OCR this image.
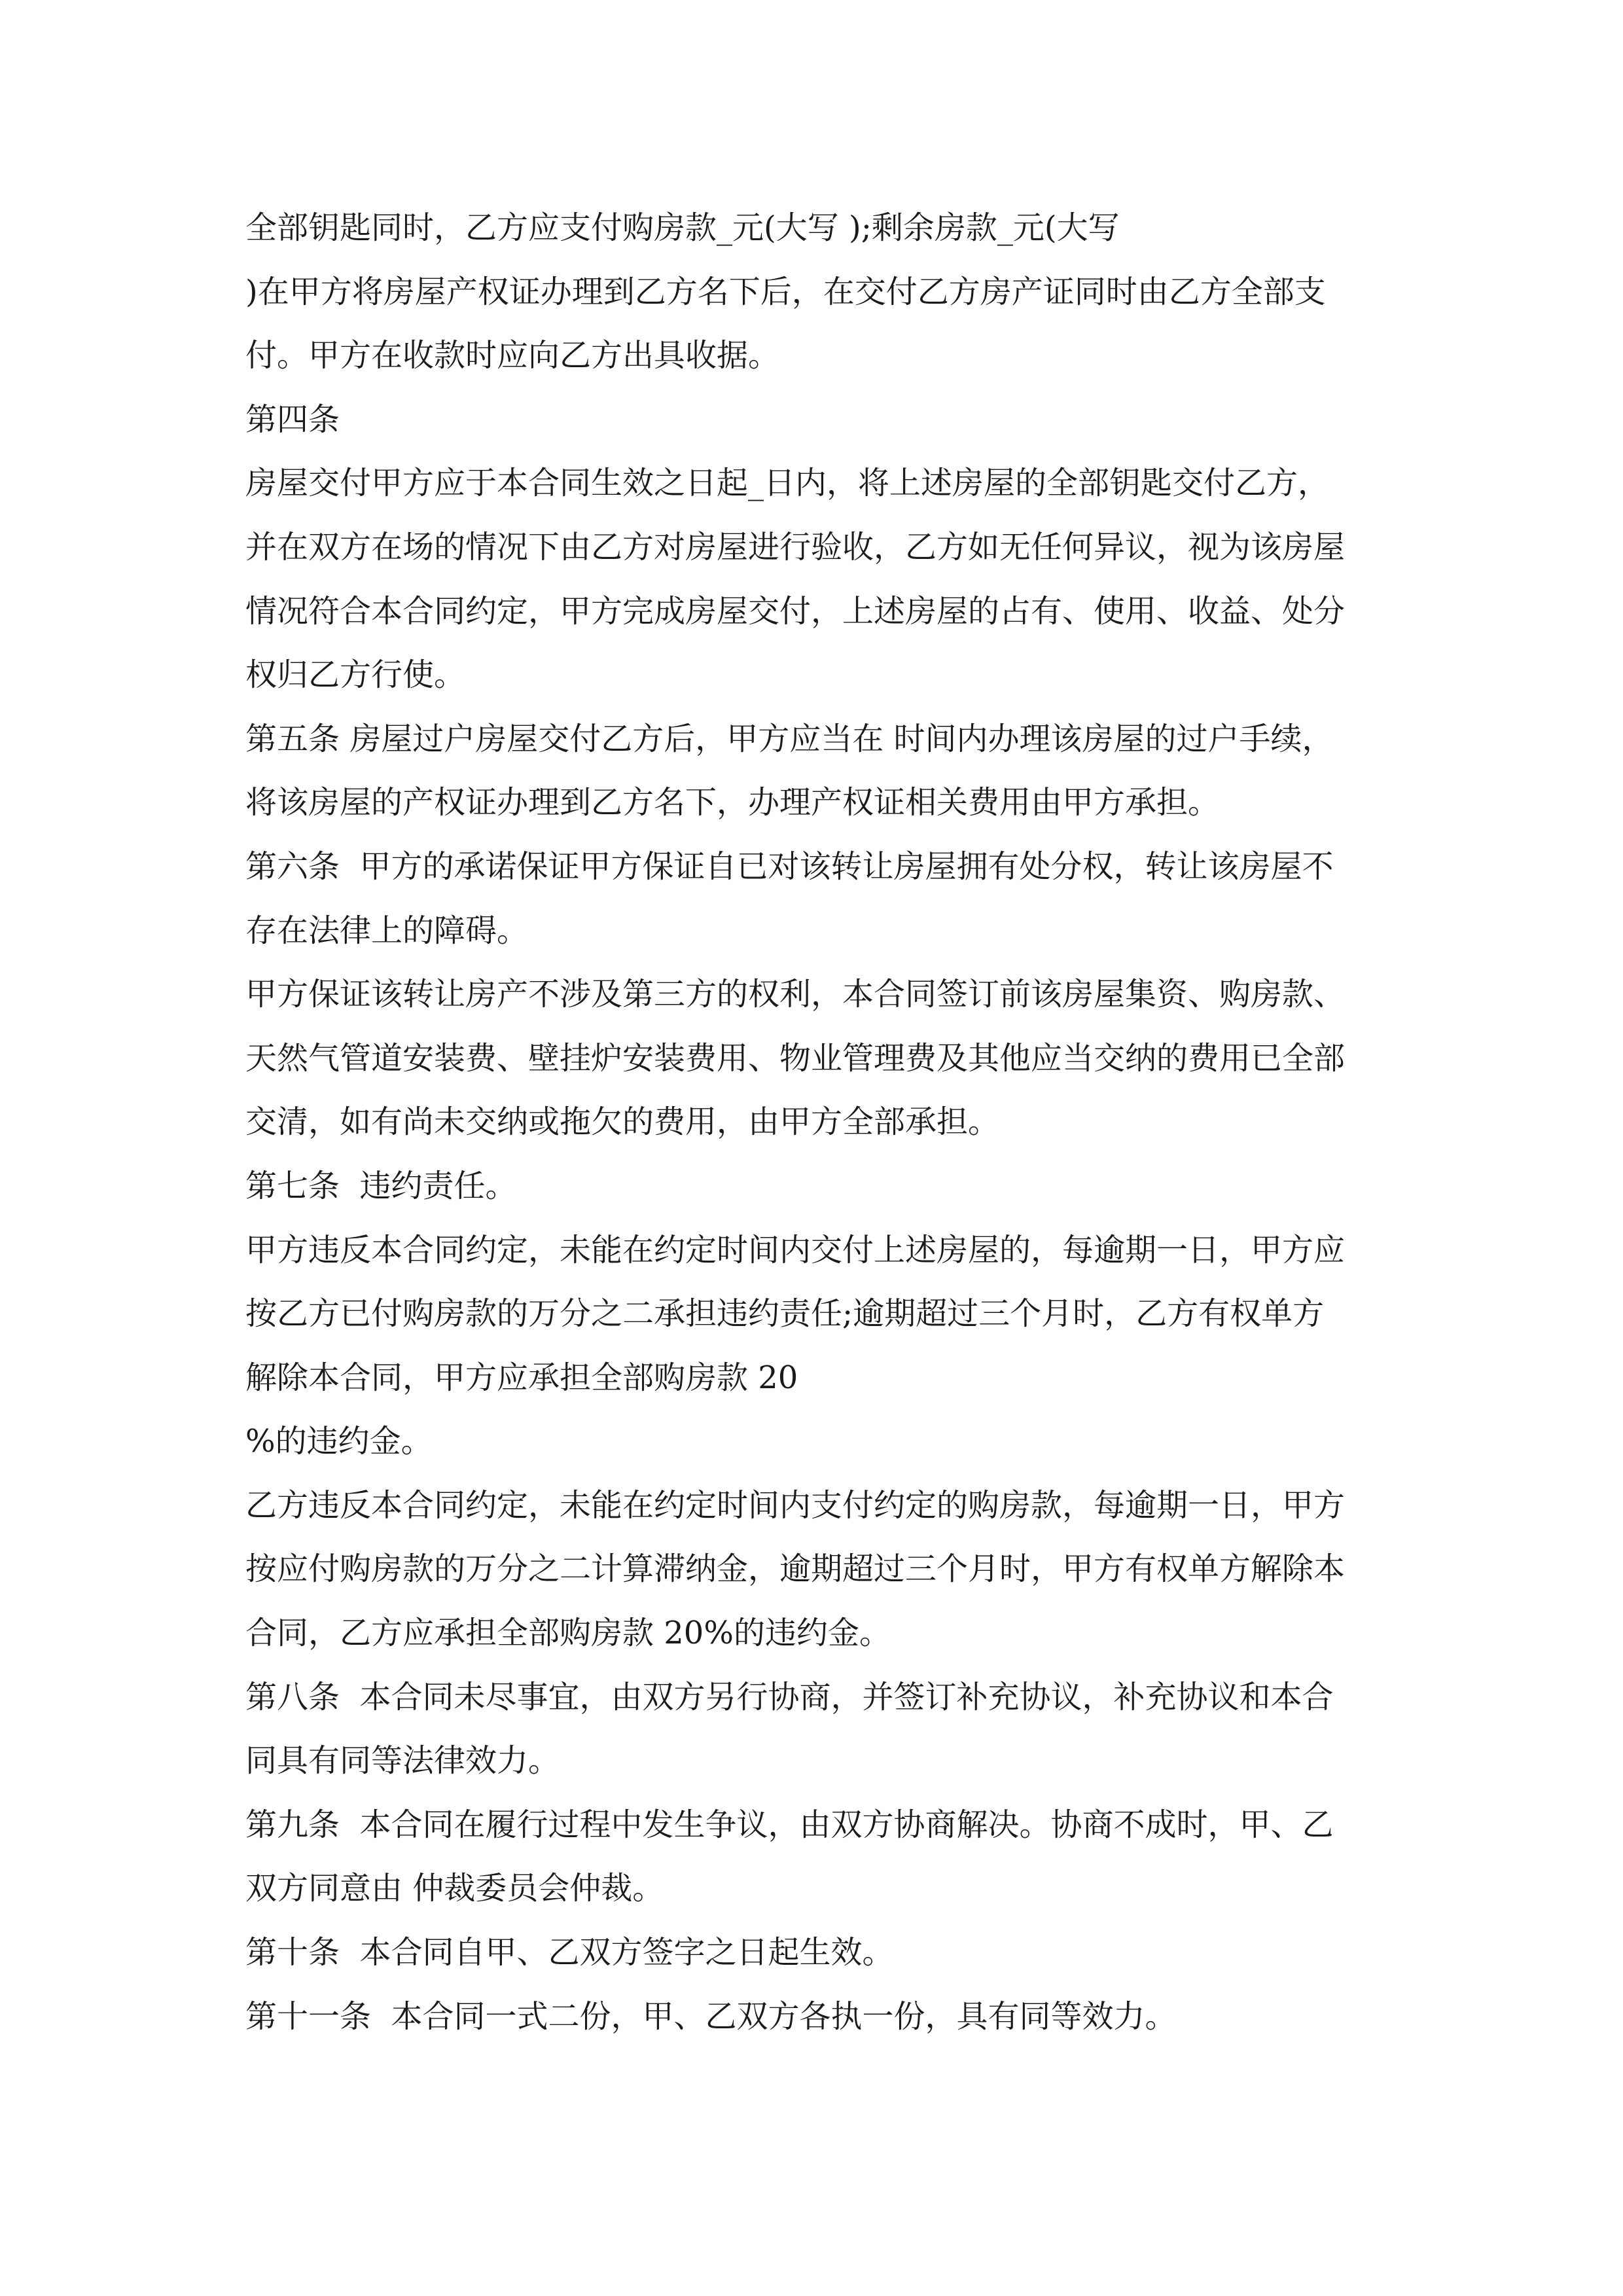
全部钥匙同时，乙方应支付购房款_元(大写 );剩余房款_元(大写
)在甲方将房屋产权证办理到乙方名下后，在交付乙方房产证同时由乙方全部支
付。甲方在收款时应向乙方出具收据。
第四条
房屋交付甲方应于本合同生效之日起_日内，将上述房屋的全部钥匙交付乙方，
并在双方在场的情况下由乙方对房屋进行验收，乙方如无任何异议，视为该房屋
情况符合本合同约定，甲方完成房屋交付，上述房屋的占有、使用、收益、处分
权归乙方行使。
第五条 房屋过户房屋交付乙方后，甲方应当在 时间内办理该房屋的过户手续，
将该房屋的产权证办理到乙方名下，办理产权证相关费用由甲方承担。
第六条  甲方的承诺保证甲方保证自已对该转让房屋拥有处分权，转让该房屋不
存在法律上的障碍。
甲方保证该转让房产不涉及第三方的权利，本合同签订前该房屋集资、购房款、
天然气管道安装费、壁挂炉安装费用、物业管理费及其他应当交纳的费用已全部
交清，如有尚未交纳或拖欠的费用，由甲方全部承担。
第七条  违约责任。
甲方违反本合同约定，未能在约定时间内交付上述房屋的，每逾期一日，甲方应
按乙方已付购房款的万分之二承担违约责任;逾期超过三个月时，乙方有权单方
解除本合同，甲方应承担全部购房款 20
%的违约金。
乙方违反本合同约定，未能在约定时间内支付约定的购房款，每逾期一日，甲方
按应付购房款的万分之二计算滞纳金，逾期超过三个月时，甲方有权单方解除本
合同，乙方应承担全部购房款 20%的违约金。
第八条  本合同未尽事宜，由双方另行协商，并签订补充协议，补充协议和本合
同具有同等法律效力。
第九条  本合同在履行过程中发生争议，由双方协商解决。协商不成时，甲、乙
双方同意由 仲裁委员会仲裁。
第十条  本合同自甲、乙双方签字之日起生效。
第十一条  本合同一式二份，甲、乙双方各执一份，具有同等效力。
